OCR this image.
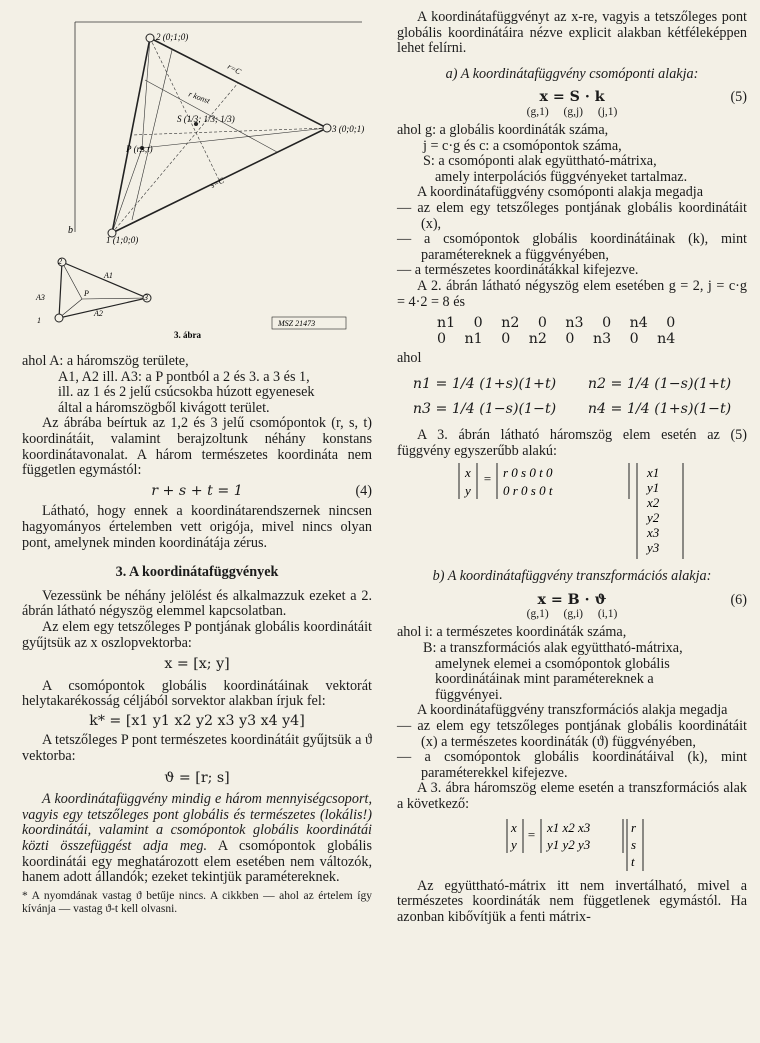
2 (0;1;0)
3 (0;0;1)
1 (1;0;0)
r=C
r konst
s=C
S (1/3; 1/3; 1/3)
P (r,s,t)
b
1
2
3
A1
A2
A3	P
3. ábra
MSZ 21473

ahol A: a háromszög területe,

A1, A2 ill. A3: a P pontból a 2 és 3. a 3 és 1,

ill. az 1 és 2 jelű csúcsokba húzott egyenesek

által a háromszögből kivágott terület.

Az ábrába beírtuk az 1,2 és 3 jelű csomópontok (r, s, t) koordinátáit, valamint berajzoltunk néhány konstans koordinátavonalat. A három természetes koordináta nem független egymástól:

r + s + t = 1	(4)

Látható, hogy ennek a koordinátarendszernek nincsen hagyományos értelemben vett origója, mivel nincs olyan pont, amelynek minden koordinátája zérus.

3. A koordinátafüggvények

Vezessünk be néhány jelölést és alkalmazzuk ezeket a 2. ábrán látható négyszög elemmel kapcsolatban.

Az elem egy tetszőleges P pontjának globális koordinátáit gyűjtsük az x oszlopvektorba:

x = [x; y]

A csomópontok globális koordinátáinak vektorát helytakarékosság céljából sorvektor alakban írjuk fel:

k* = [x1 y1 x2 y2 x3 y3 x4 y4]

A tetszőleges P pont természetes koordinátáit gyűjtsük a ϑ vektorba:

ϑ = [r; s]

A koordinátafüggvény mindig e három mennyiségcsoport, vagyis egy tetszőleges pont globális és természetes (lokális!) koordinátái, valamint a csomópontok globális koordinátái közti összefüggést adja meg. A csomópontok globális koordinátái egy meghatározott elem esetében nem változók, hanem adott állandók; ezeket tekintjük paramétereknek.

* A nyomdának vastag ϑ betűje nincs. A cikkben — ahol az értelem így kívánja — vastag ϑ-t kell olvasni.

A koordinátafüggvényt az x-re, vagyis a tetszőleges pont globális koordinátáira nézve explicit alakban kétféleképpen lehet felírni.

a) A koordinátafüggvény csomóponti alakja:

x = S · k	(5)
(g,1) (g,j) (j,1)

ahol g: a globális koordináták száma,

j = c·g és c: a csomópontok száma,

S: a csomóponti alak együttható-mátrixa,

amely interpolációs függvényeket tartalmaz.

A koordinátafüggvény csomóponti alakja megadja

— az elem egy tetszőleges pontjának globális koordinátáit (x),

— a csomópontok globális koordinátáinak (k), mint paramétereknek a függvényében,

— a természetes koordinátákkal kifejezve.

A 2. ábrán látható négyszög elem esetében g = 2, j = c·g = 4·2 = 8 és

n1 0 n2 0 n3 0 n4 0
0 n1 0 n2 0 n3 0 n4

ahol

n1 = 1/4 (1+s)(1+t) n2 = 1/4 (1−s)(1+t)
n3 = 1/4 (1−s)(1−t) n4 = 1/4 (1+s)(1−t)

A 3. ábrán látható háromszög elem esetén az (5) függvény egyszerűbb alakú:

x
y
= r 0 s 0 t 0
0 r 0 s 0 t
x1
y1
x2
y2
x3
y3

b) A koordinátafüggvény transzformációs alakja:

x = B · ϑ	(6)
(g,1) (g,i) (i,1)

ahol i: a természetes koordináták száma,

B: a transzformációs alak együttható-mátrixa,

amelynek elemei a csomópontok globális

koordinátáinak mint paramétereknek a

függvényei.

A koordinátafüggvény transzformációs alakja megadja

— az elem egy tetszőleges pontjának globális koordinátáit (x) a természetes koordináták (ϑ) függvényében,

— a csomópontok globális koordinátáival (k), mint paraméterekkel kifejezve.

A 3. ábra háromszög eleme esetén a transzformációs alak a következő:

x
y
= x1 x2 x3
y1 y2 y3
r
s
t

Az együttható-mátrix itt nem invertálható, mivel a természetes koordináták nem függetlenek egymástól. Ha azonban kibővítjük a fenti mátrix-
